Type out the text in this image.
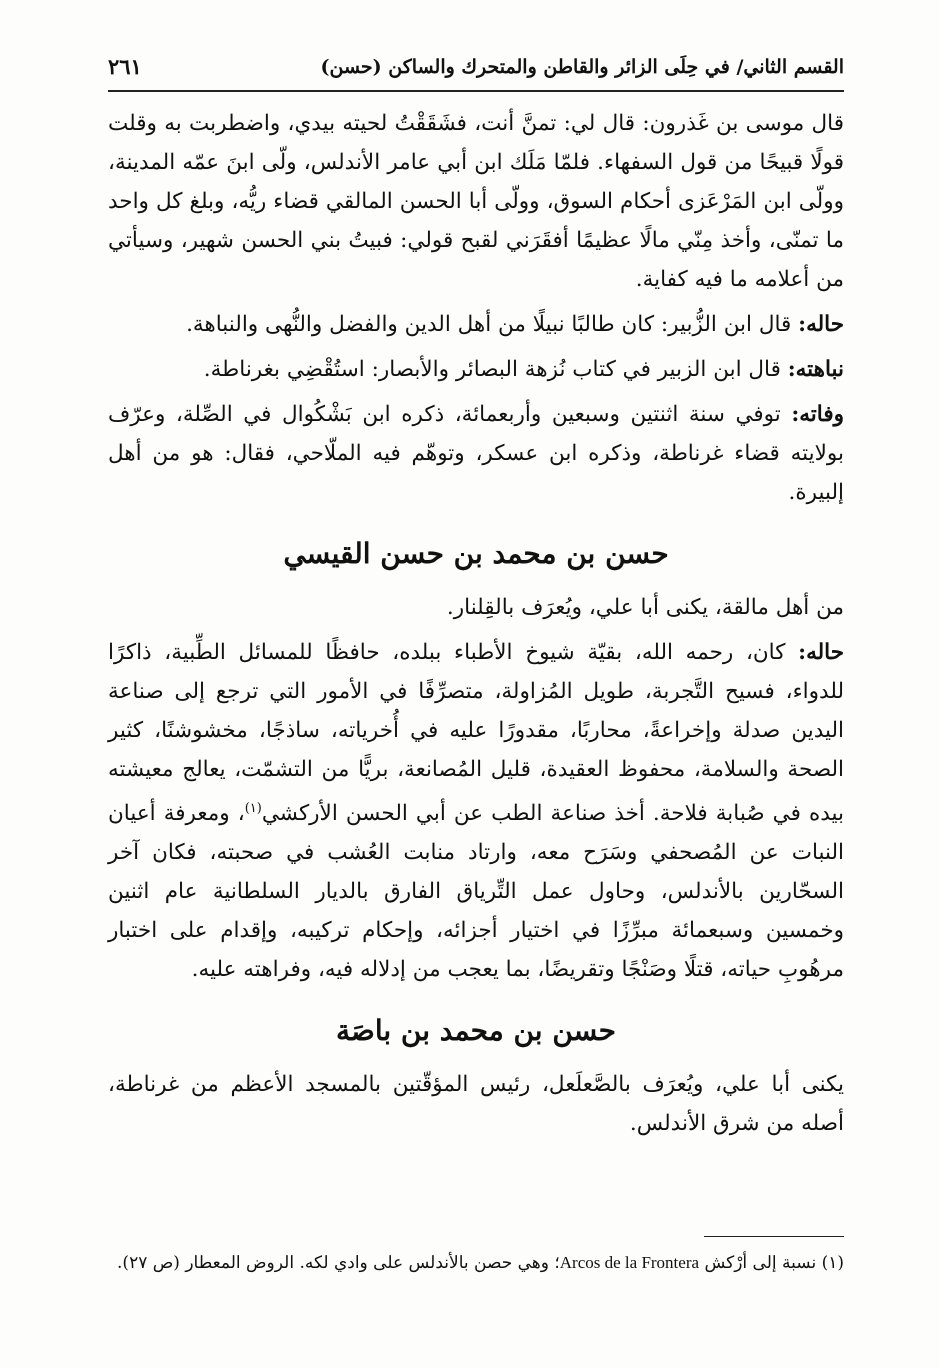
القسم الثاني/ في حِلَى الزائر والقاطن والمتحرك والساكن (حسن)
٢٦١

قال موسى بن غَذرون: قال لي: تمنَّ أنت، فشَقَقْتُ لحيته بيدي، واضطربت به وقلت قولًا قبيحًا من قول السفهاء. فلمّا مَلَك ابن أبي عامر الأندلس، ولّى ابنَ عمّه المدينة، وولّى ابن المَرْعَزى أحكام السوق، وولّى أبا الحسن المالقي قضاء ريُّه، وبلغ كل واحد ما تمنّى، وأخذ مِنّي مالًا عظيمًا أفقَرَني لقبح قولي: فبيتُ بني الحسن شهير، وسيأتي من أعلامه ما فيه كفاية.

حاله: قال ابن الزُّبير: كان طالبًا نبيلًا من أهل الدين والفضل والنُّهى والنباهة.

نباهته: قال ابن الزبير في كتاب نُزهة البصائر والأبصار: استُقْضِي بغرناطة.

وفاته: توفي سنة اثنتين وسبعين وأربعمائة، ذكره ابن بَشْكُوال في الصِّلة، وعرّف بولايته قضاء غرناطة، وذكره ابن عسكر، وتوهّم فيه الملّاحي، فقال: هو من أهل إلبيرة.

حسن بن محمد بن حسن القيسي

من أهل مالقة، يكنى أبا علي، ويُعرَف بالقِلنار.

حاله: كان، رحمه الله، بقيّة شيوخ الأطباء ببلده، حافظًا للمسائل الطِّبية، ذاكرًا للدواء، فسيح التَّجربة، طويل المُزاولة، متصرِّفًا في الأمور التي ترجع إلى صناعة اليدين صدلة وإخراعةً، محاربًا، مقدورًا عليه في أُخرياته، ساذجًا، مخشوشنًا، كثير الصحة والسلامة، محفوظ العقيدة، قليل المُصانعة، بريًّا من التشمّت، يعالج معيشته بيده في صُبابة فلاحة. أخذ صناعة الطب عن أبي الحسن الأركشي$^{(١)}$، ومعرفة أعيان النبات عن المُصحفي وسَرَح معه، وارتاد منابت العُشب في صحبته، فكان آخر السحّارين بالأندلس، وحاول عمل التِّرياق الفارق بالديار السلطانية عام اثنين وخمسين وسبعمائة مبرِّزًا في اختيار أجزائه، وإحكام تركيبه، وإقدام على اختبار مرهُوبِ حياته، قتلًا وصَنْجًا وتقريضًا، بما يعجب من إدلاله فيه، وفراهته عليه.

حسن بن محمد بن باصَة

يكنى أبا علي، ويُعرَف بالصَّعلَعل، رئيس المؤقّتين بالمسجد الأعظم من غرناطة، أصله من شرق الأندلس.

(١) نسبة إلى أرْكش Arcos de la Frontera؛ وهي حصن بالأندلس على وادي لكه. الروض المعطار (ص ٢٧).
